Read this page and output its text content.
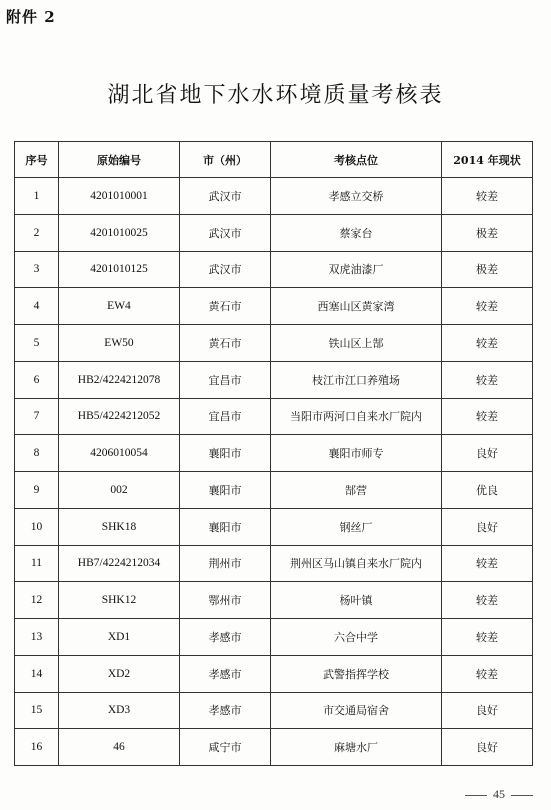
附件 2
湖北省地下水水环境质量考核表
序号	原始编号	市（州）	考核点位	2014 年现状
1	4201010001	武汉市	孝感立交桥	较差
2	4201010025	武汉市	蔡家台	极差
3	4201010125	武汉市	双虎油漆厂	极差
4	EW4	黄石市	西塞山区黄家湾	较差
5	EW50	黄石市	铁山区上郜	较差
6	HB2/4224212078	宜昌市	枝江市江口养殖场	较差
7	HB5/4224212052	宜昌市	当阳市两河口自来水厂院内	较差
8	4206010054	襄阳市	襄阳市师专	良好
9	002	襄阳市	郜营	优良
10	SHK18	襄阳市	钢丝厂	良好
11	HB7/4224212034	荆州市	荆州区马山镇自来水厂院内	较差
12	SHK12	鄂州市	杨叶镇	较差
13	XD1	孝感市	六合中学	较差
14	XD2	孝感市	武警指挥学校	较差
15	XD3	孝感市	市交通局宿舍	良好
16	46	咸宁市	麻塘水厂	良好
45
